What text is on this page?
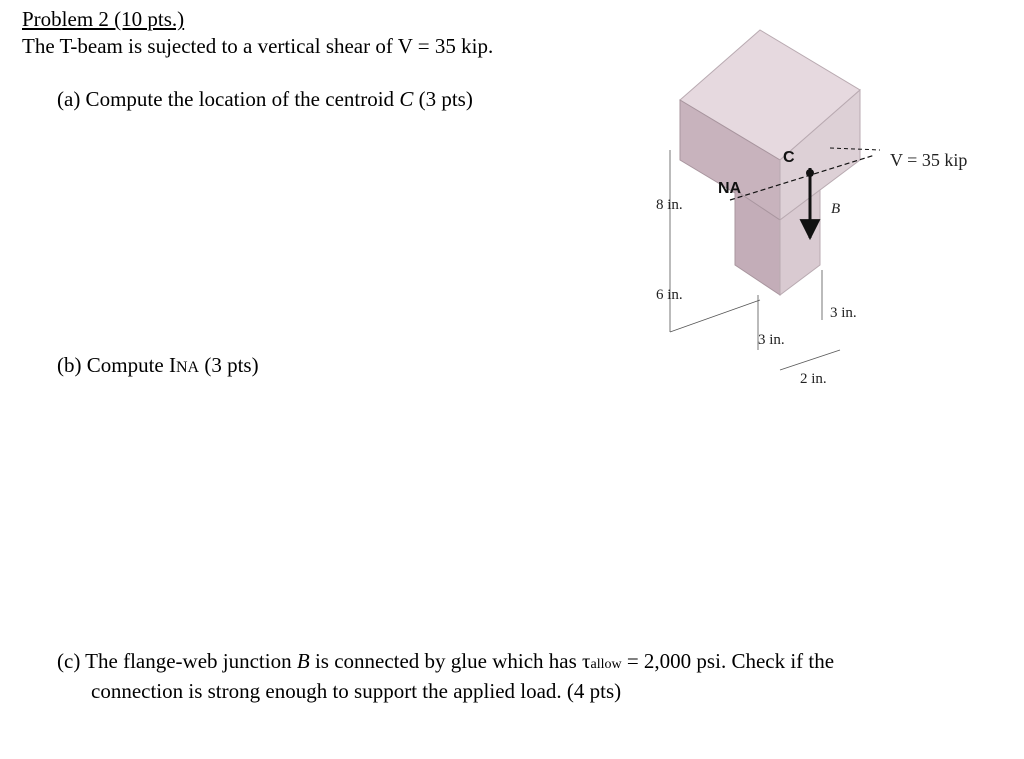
Problem 2 (10 pts.)
The T-beam is sujected to a vertical shear of V = 35 kip.
(a) Compute the location of the centroid C (3 pts)
(b) Compute INA (3 pts)
(c) The flange-web junction B is connected by glue which has τallow = 2,000 psi. Check if the
connection is strong enough to support the applied load. (4 pts)
C
NA
B
V = 35 kip
8 in.
6 in.
3 in.
3 in.
2 in.
